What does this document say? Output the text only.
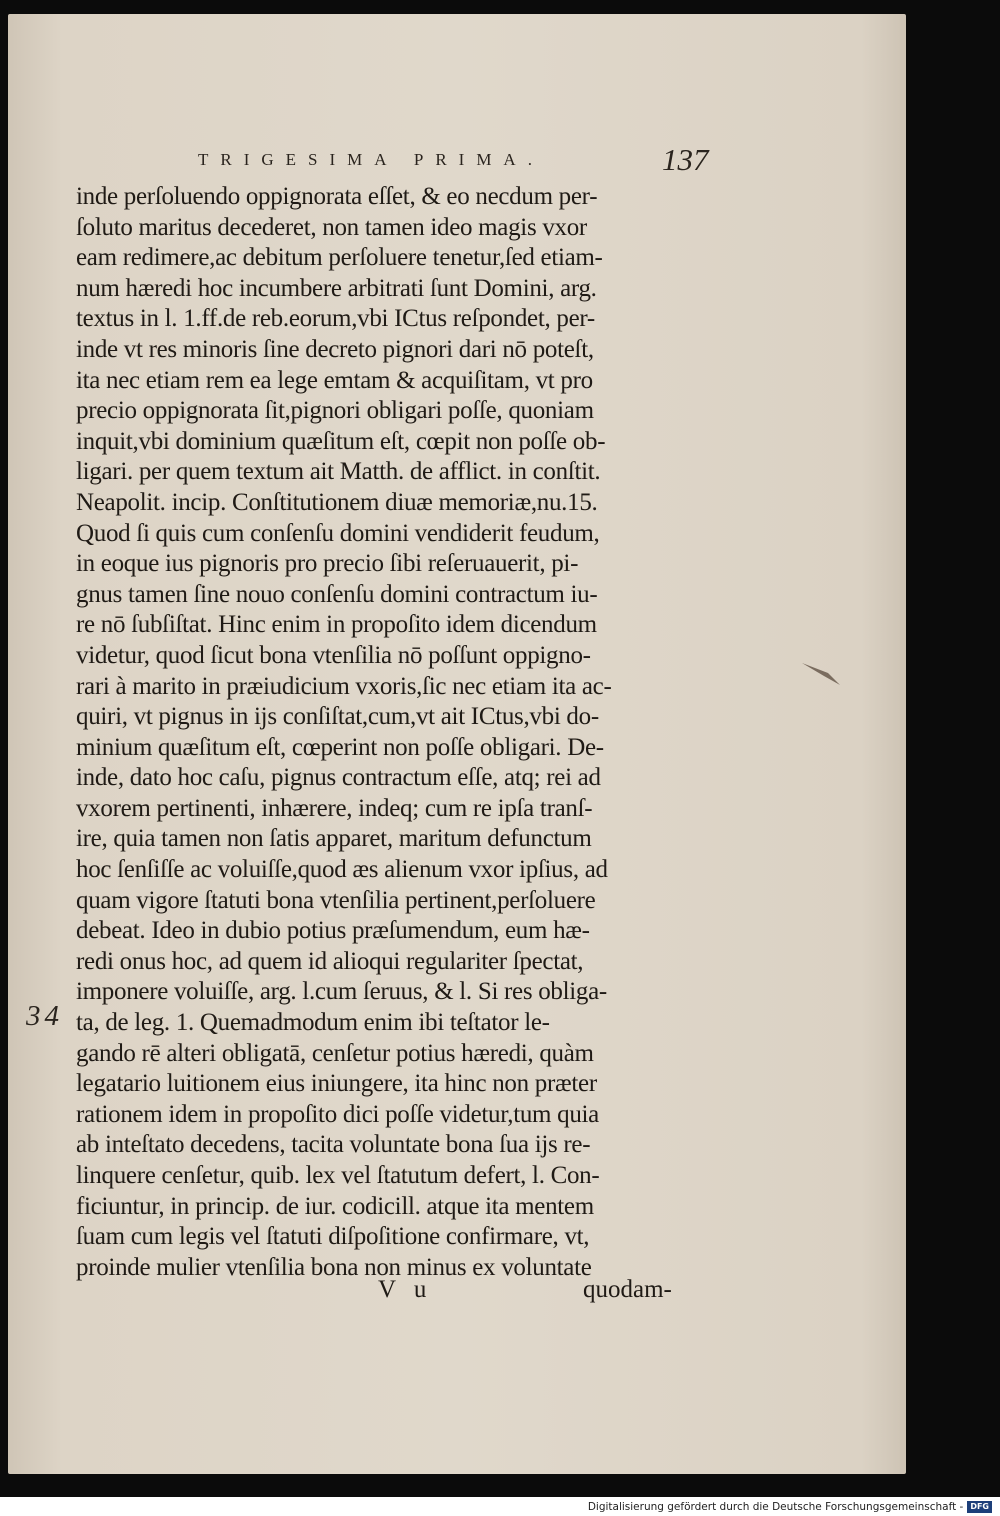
TRIGESIMA PRIMA.	137
inde perſoluendo oppignorata eſſet, & eo necdum per-
ſoluto maritus decederet, non tamen ideo magis vxor
eam redimere,ac debitum perſoluere tenetur,ſed etiam-
num hæredi hoc incumbere arbitrati ſunt Domini, arg.
textus in l. 1.ff.de reb.eorum,vbi ICtus reſpondet, per-
inde vt res minoris ſine decreto pignori dari nō poteſt,
ita nec etiam rem ea lege emtam & acquiſitam, vt pro
precio oppignorata ſit,pignori obligari poſſe, quoniam
inquit,vbi dominium quæſitum eſt, cœpit non poſſe ob-
ligari. per quem textum ait Matth. de afflict. in conſtit.
Neapolit. incip. Conſtitutionem diuæ memoriæ,nu.15.
Quod ſi quis cum conſenſu domini vendiderit feudum,
in eoque ius pignoris pro precio ſibi reſeruauerit, pi-
gnus tamen ſine nouo conſenſu domini contractum iu-
re nō ſubſiſtat. Hinc enim in propoſito idem dicendum
videtur, quod ſicut bona vtenſilia nō poſſunt oppigno-
rari à marito in præiudicium vxoris,ſic nec etiam ita ac-
quiri, vt pignus in ijs conſiſtat,cum,vt ait ICtus,vbi do-
minium quæſitum eſt, cœperint non poſſe obligari. De-
inde, dato hoc caſu, pignus contractum eſſe, atq; rei ad
vxorem pertinenti, inhærere, indeq; cum re ipſa tranſ-
ire, quia tamen non ſatis apparet, maritum defunctum
hoc ſenſiſſe ac voluiſſe,quod æs alienum vxor ipſius, ad
quam vigore ſtatuti bona vtenſilia pertinent,perſoluere
debeat. Ideo in dubio potius præſumendum, eum hæ-
redi onus hoc, ad quem id alioqui regulariter ſpectat,
imponere voluiſſe, arg. l.cum ſeruus, & l. Si res obliga-
ta, de leg. 1. Quemadmodum enim ibi teſtator le-
gando rē alteri obligatā, cenſetur potius hæredi, quàm
legatario luitionem eius iniungere, ita hinc non præter
rationem idem in propoſito dici poſſe videtur,tum quia
ab inteſtato decedens, tacita voluntate bona ſua ijs re-
linquere cenſetur, quib. lex vel ſtatutum defert, l. Con-
ficiuntur, in princip. de iur. codicill. atque ita mentem
ſuam cum legis vel ſtatuti diſpoſitione confirmare, vt,
proinde mulier vtenſilia bona non minus ex voluntate
34
V u	quodam-
Digitalisierung gefördert durch die Deutsche Forschungsgemeinschaft - DFG
